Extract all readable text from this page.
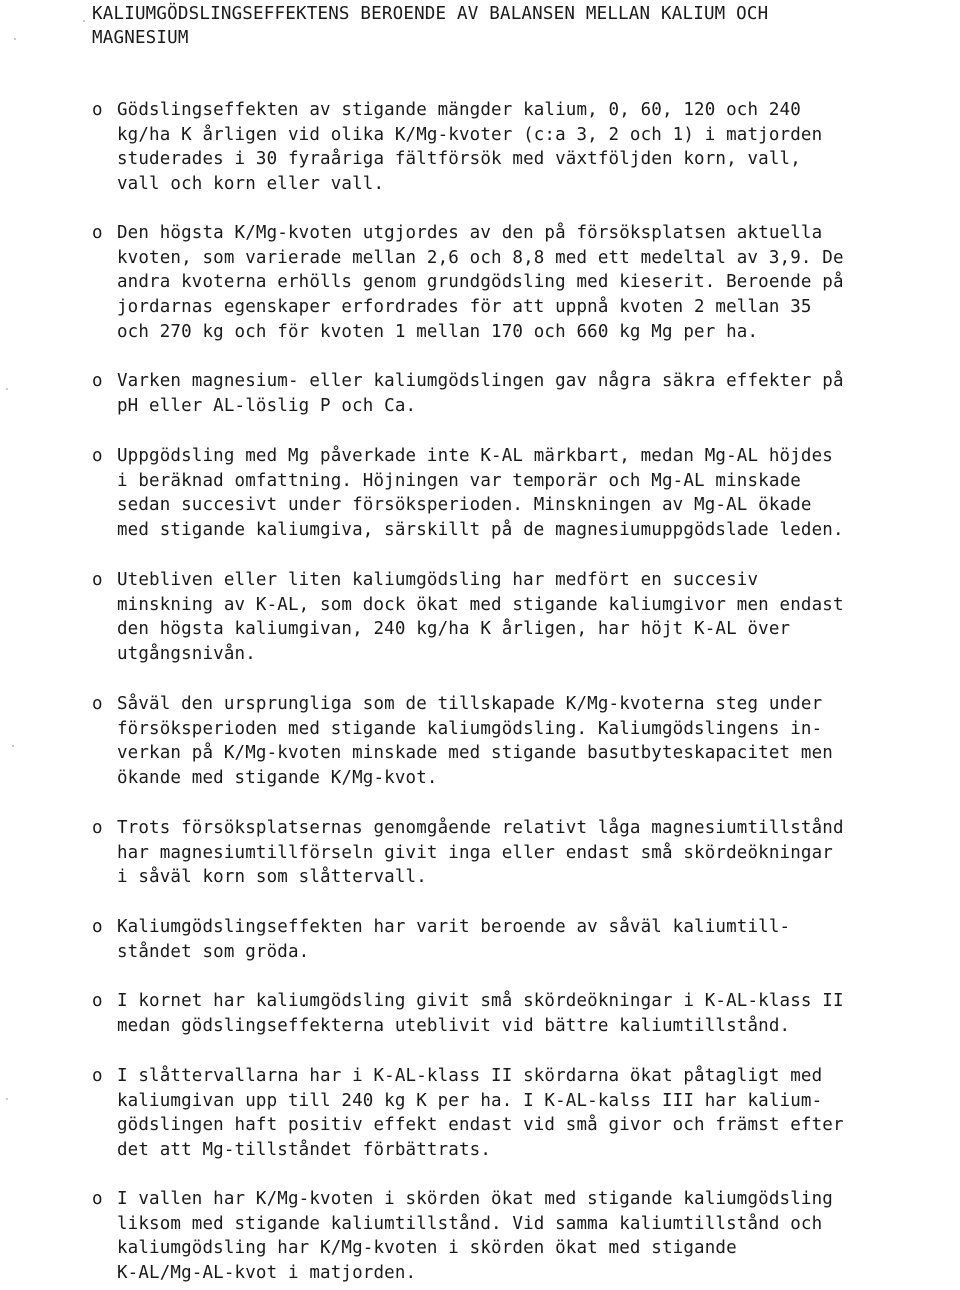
KALIUMGÖDSLINGSEFFEKTENS BEROENDE AV BALANSEN MELLAN KALIUM OCH
MAGNESIUM
o Gödslingseffekten av stigande mängder kalium, 0, 60, 120 och 240
kg/ha K årligen vid olika K/Mg-kvoter (c:a 3, 2 och 1) i matjorden
studerades i 30 fyraåriga fältförsök med växtföljden korn, vall,
vall och korn eller vall.
o Den högsta K/Mg-kvoten utgjordes av den på försöksplatsen aktuella
kvoten, som varierade mellan 2,6 och 8,8 med ett medeltal av 3,9. De
andra kvoterna erhölls genom grundgödsling med kieserit. Beroende på
jordarnas egenskaper erfordrades för att uppnå kvoten 2 mellan 35
och 270 kg och för kvoten 1 mellan 170 och 660 kg Mg per ha.
o Varken magnesium- eller kaliumgödslingen gav några säkra effekter på
pH eller AL-löslig P och Ca.
o Uppgödsling med Mg påverkade inte K-AL märkbart, medan Mg-AL höjdes
i beräknad omfattning. Höjningen var temporär och Mg-AL minskade
sedan succesivt under försöksperioden. Minskningen av Mg-AL ökade
med stigande kaliumgiva, särskillt på de magnesiumuppgödslade leden.
o Utebliven eller liten kaliumgödsling har medfört en succesiv
minskning av K-AL, som dock ökat med stigande kaliumgivor men endast
den högsta kaliumgivan, 240 kg/ha K årligen, har höjt K-AL över
utgångsnivån.
o Såväl den ursprungliga som de tillskapade K/Mg-kvoterna steg under
försöksperioden med stigande kaliumgödsling. Kaliumgödslingens in-
verkan på K/Mg-kvoten minskade med stigande basutbyteskapacitet men
ökande med stigande K/Mg-kvot.
o Trots försöksplatsernas genomgående relativt låga magnesiumtillstånd
har magnesiumtillförseln givit inga eller endast små skördeökningar
i såväl korn som slåttervall.
o Kaliumgödslingseffekten har varit beroende av såväl kaliumtill-
ståndet som gröda.
o I kornet har kaliumgödsling givit små skördeökningar i K-AL-klass II
medan gödslingseffekterna uteblivit vid bättre kaliumtillstånd.
o I slåttervallarna har i K-AL-klass II skördarna ökat påtagligt med
kaliumgivan upp till 240 kg K per ha. I K-AL-kalss III har kalium-
gödslingen haft positiv effekt endast vid små givor och främst efter
det att Mg-tillståndet förbättrats.
o I vallen har K/Mg-kvoten i skörden ökat med stigande kaliumgödsling
liksom med stigande kaliumtillstånd. Vid samma kaliumtillstånd och
kaliumgödsling har K/Mg-kvoten i skörden ökat med stigande
K-AL/Mg-AL-kvot i matjorden.
